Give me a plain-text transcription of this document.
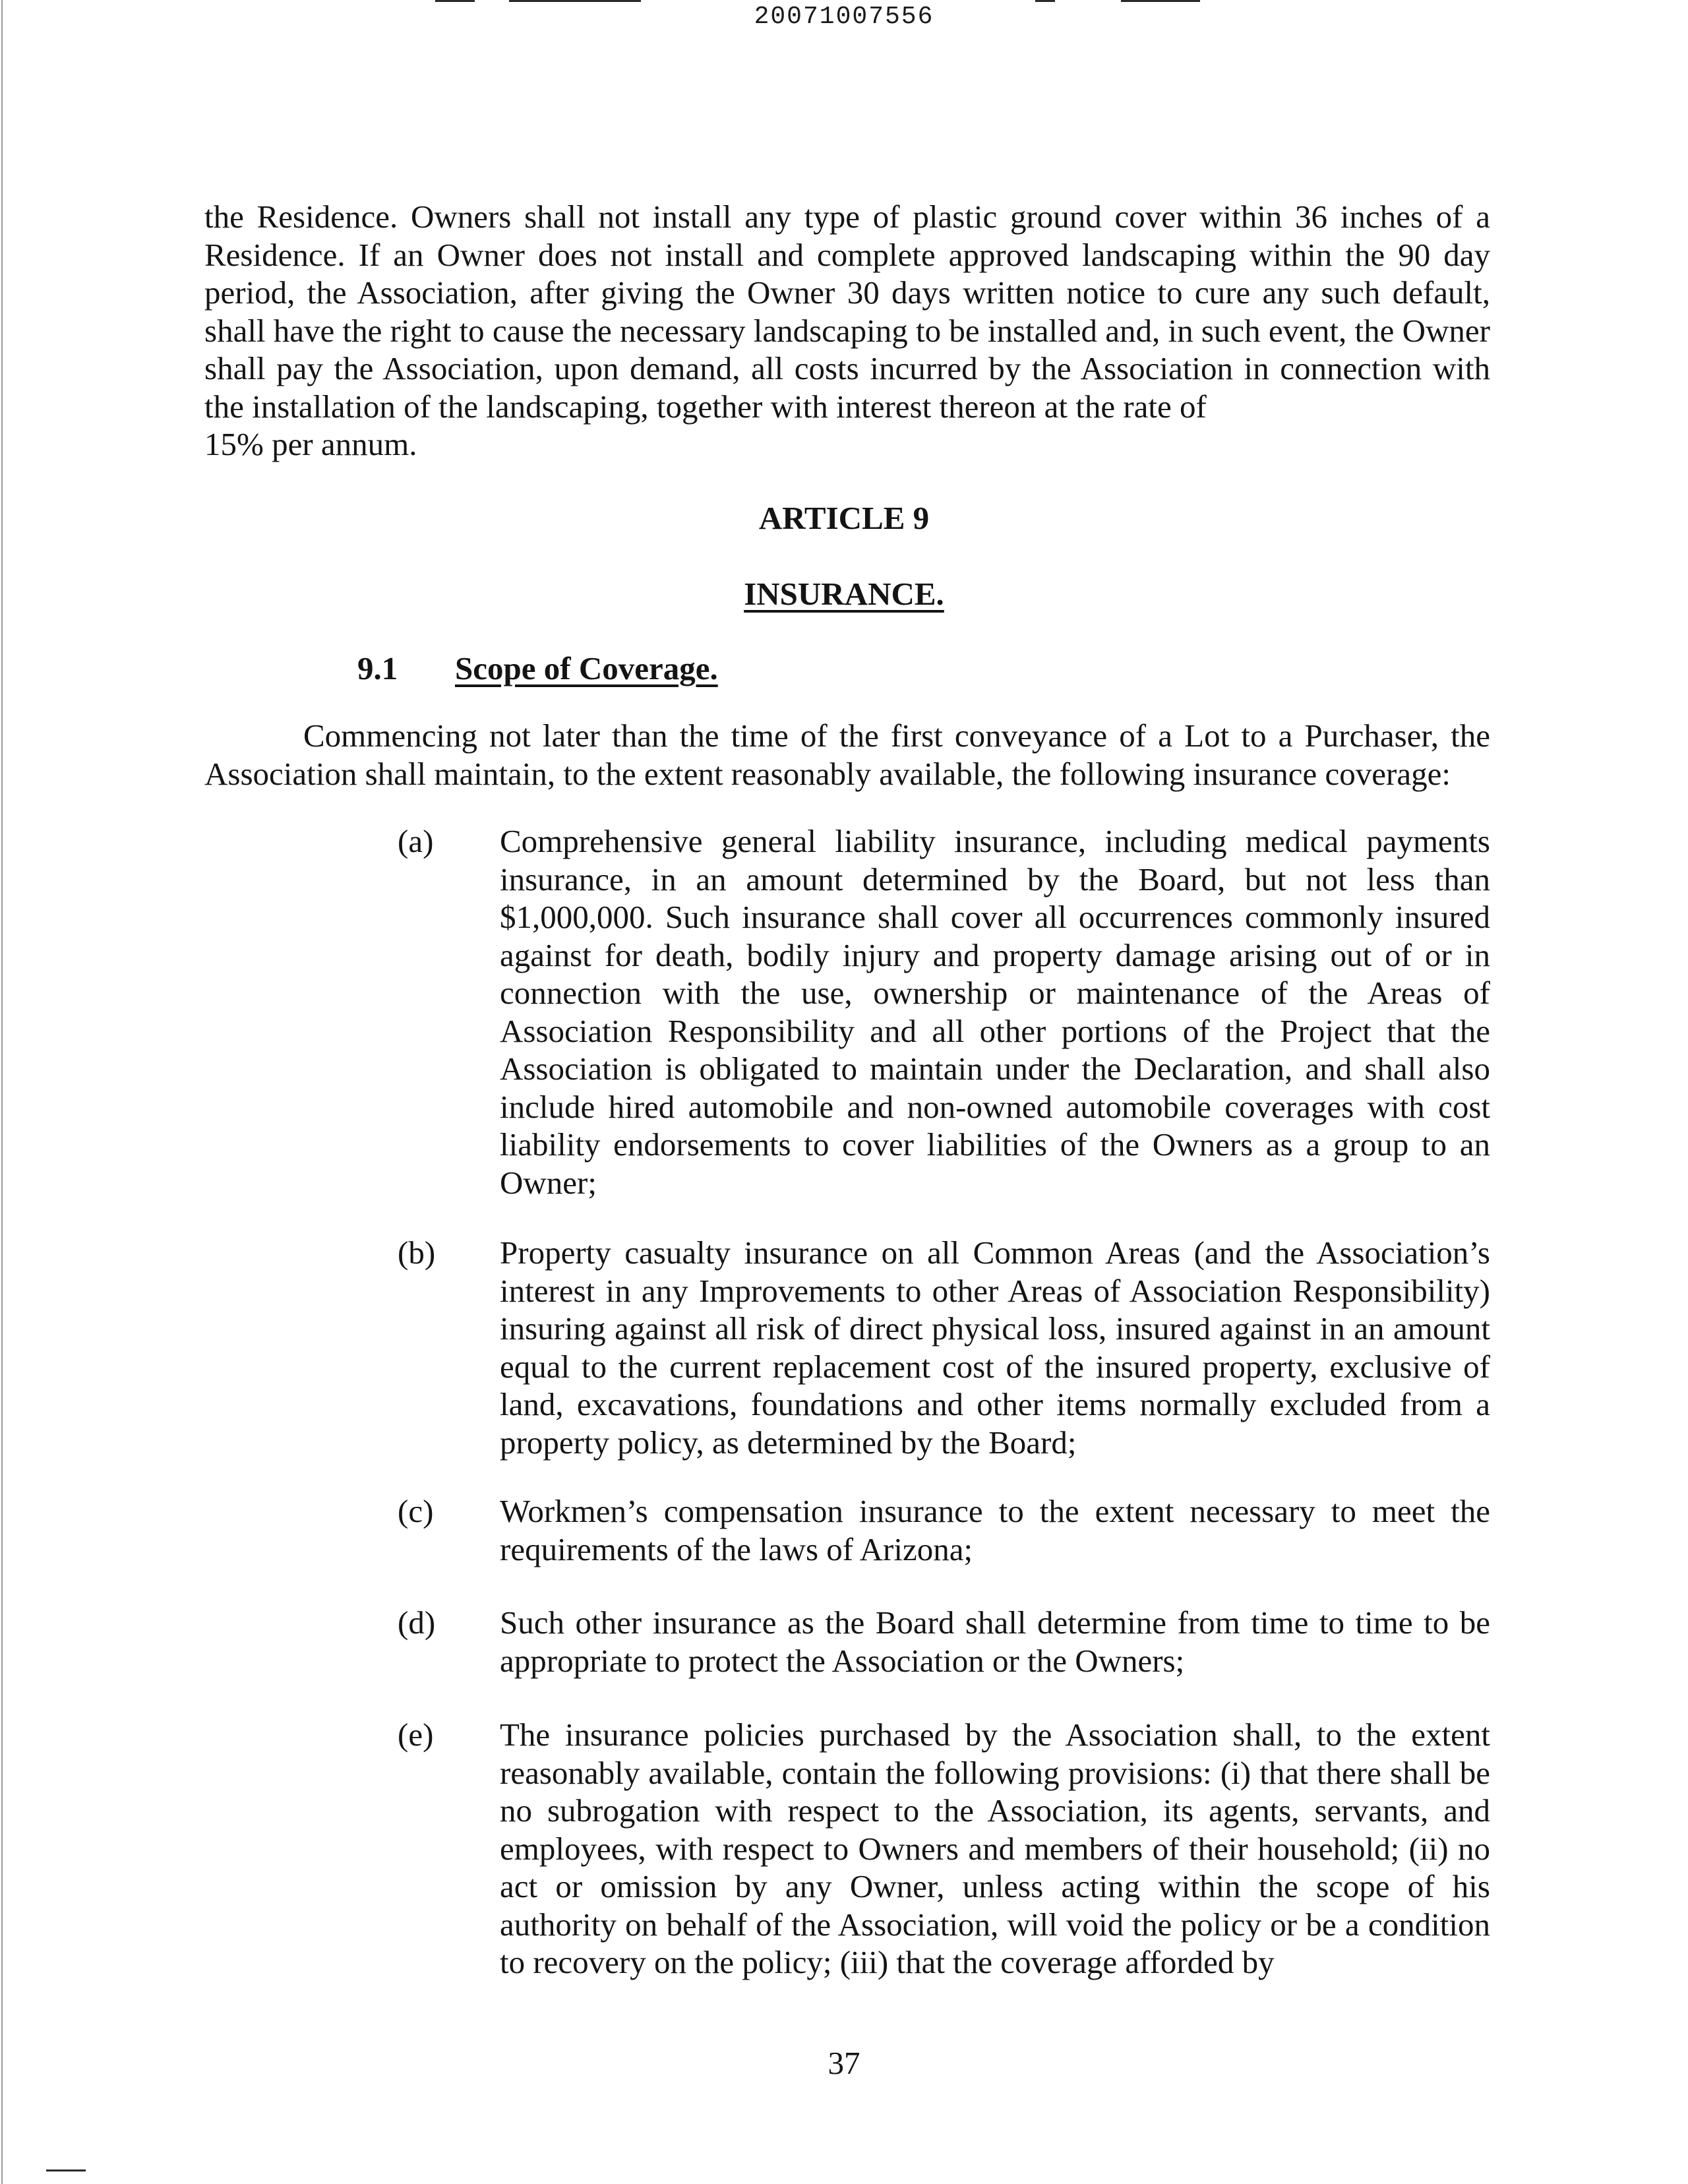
20071007556
the Residence. Owners shall not install any type of plastic ground cover within 36 inches of a Residence. If an Owner does not install and complete approved landscaping within the 90 day period, the Association, after giving the Owner 30 days written notice to cure any such default, shall have the right to cause the necessary landscaping to be installed and, in such event, the Owner shall pay the Association, upon demand, all costs incurred by the Association in connection with the installation of the landscaping, together with interest thereon at the rate of
15% per annum.
ARTICLE 9
INSURANCE.
9.1 Scope of Coverage.
Commencing not later than the time of the first conveyance of a Lot to a Purchaser, the Association shall maintain, to the extent reasonably available, the following insurance coverage:
(a) Comprehensive general liability insurance, including medical payments insurance, in an amount determined by the Board, but not less than $1,000,000. Such insurance shall cover all occurrences commonly insured against for death, bodily injury and property damage arising out of or in connection with the use, ownership or maintenance of the Areas of Association Responsibility and all other portions of the Project that the Association is obligated to maintain under the Declaration, and shall also include hired automobile and non-owned automobile coverages with cost liability endorsements to cover liabilities of the Owners as a group to an Owner;
(b) Property casualty insurance on all Common Areas (and the Association’s interest in any Improvements to other Areas of Association Responsibility) insuring against all risk of direct physical loss, insured against in an amount equal to the current replacement cost of the insured property, exclusive of land, excavations, foundations and other items normally excluded from a property policy, as determined by the Board;
(c) Workmen’s compensation insurance to the extent necessary to meet the requirements of the laws of Arizona;
(d) Such other insurance as the Board shall determine from time to time to be appropriate to protect the Association or the Owners;
(e) The insurance policies purchased by the Association shall, to the extent reasonably available, contain the following provisions: (i) that there shall be no subrogation with respect to the Association, its agents, servants, and employees, with respect to Owners and members of their household; (ii) no act or omission by any Owner, unless acting within the scope of his authority on behalf of the Association, will void the policy or be a condition to recovery on the policy; (iii) that the coverage afforded by
37
